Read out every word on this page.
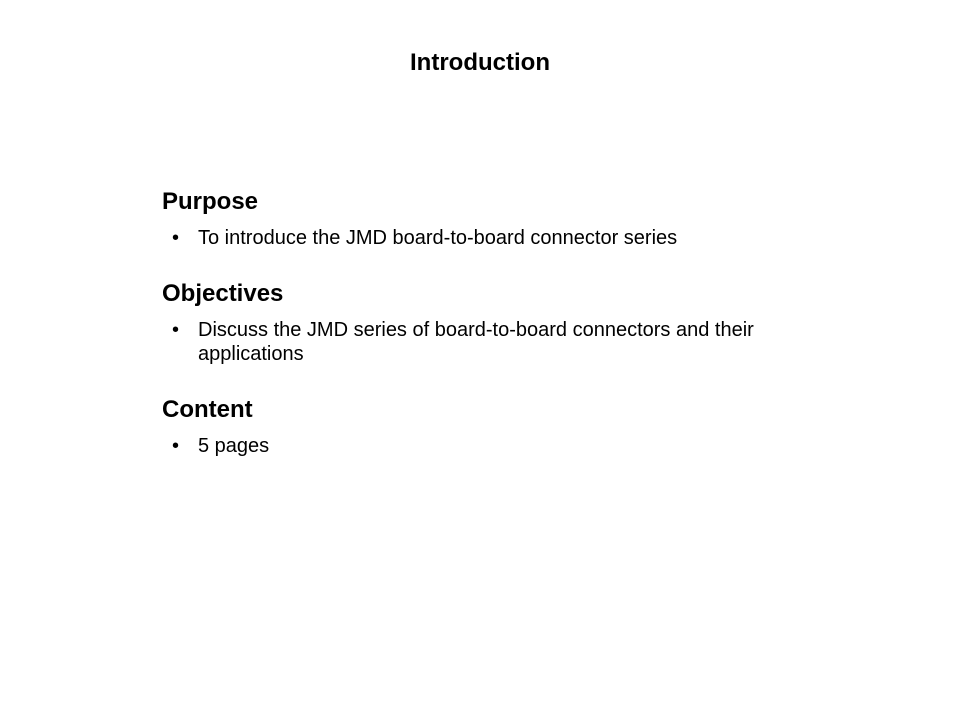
Introduction
Purpose
• To introduce the JMD board-to-board connector series
Objectives
• Discuss the JMD series of board-to-board connectors and their applications
Content
• 5 pages
